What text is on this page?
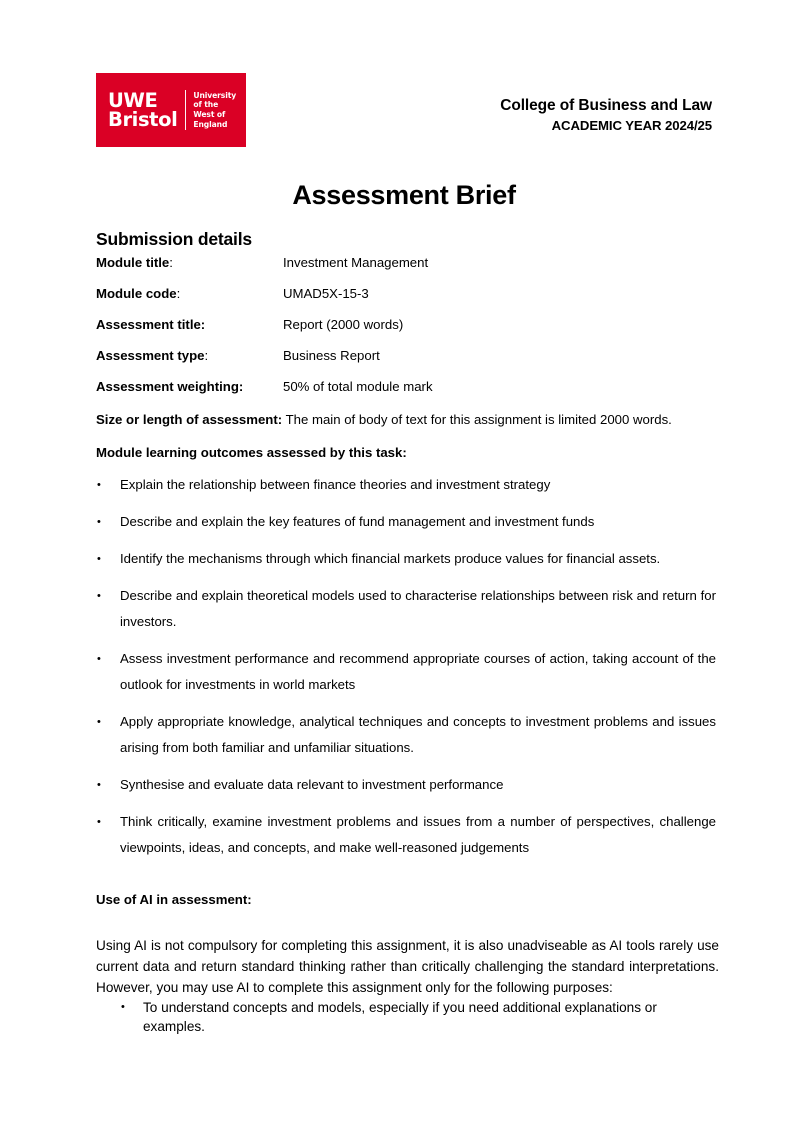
UWE
Bristol
University
of the
West of
England
College of Business and Law
ACADEMIC YEAR 2024/25
Assessment Brief
Submission details
Module title:	Investment Management
Module code:	UMAD5X-15-3
Assessment title:	Report (2000 words)
Assessment type:	Business Report
Assessment weighting:	50% of total module mark

Size or length of assessment: The main of body of text for this assignment is limited 2000 words.

Module learning outcomes assessed by this task:

• Explain the relationship between finance theories and investment strategy
• Describe and explain the key features of fund management and investment funds
• Identify the mechanisms through which financial markets produce values for financial assets.
• Describe and explain theoretical models used to characterise relationships between risk and return for investors.
• Assess investment performance and recommend appropriate courses of action, taking account of the outlook for investments in world markets
• Apply appropriate knowledge, analytical techniques and concepts to investment problems and issues arising from both familiar and unfamiliar situations.
• Synthesise and evaluate data relevant to investment performance
• Think critically, examine investment problems and issues from a number of perspectives, challenge viewpoints, ideas, and concepts, and make well-reasoned judgements

Use of AI in assessment:

Using AI is not compulsory for completing this assignment, it is also unadviseable as AI tools rarely use current data and return standard thinking rather than critically challenging the standard interpretations. However, you may use AI to complete this assignment only for the following purposes:

• To understand concepts and models, especially if you need additional explanations or examples.
